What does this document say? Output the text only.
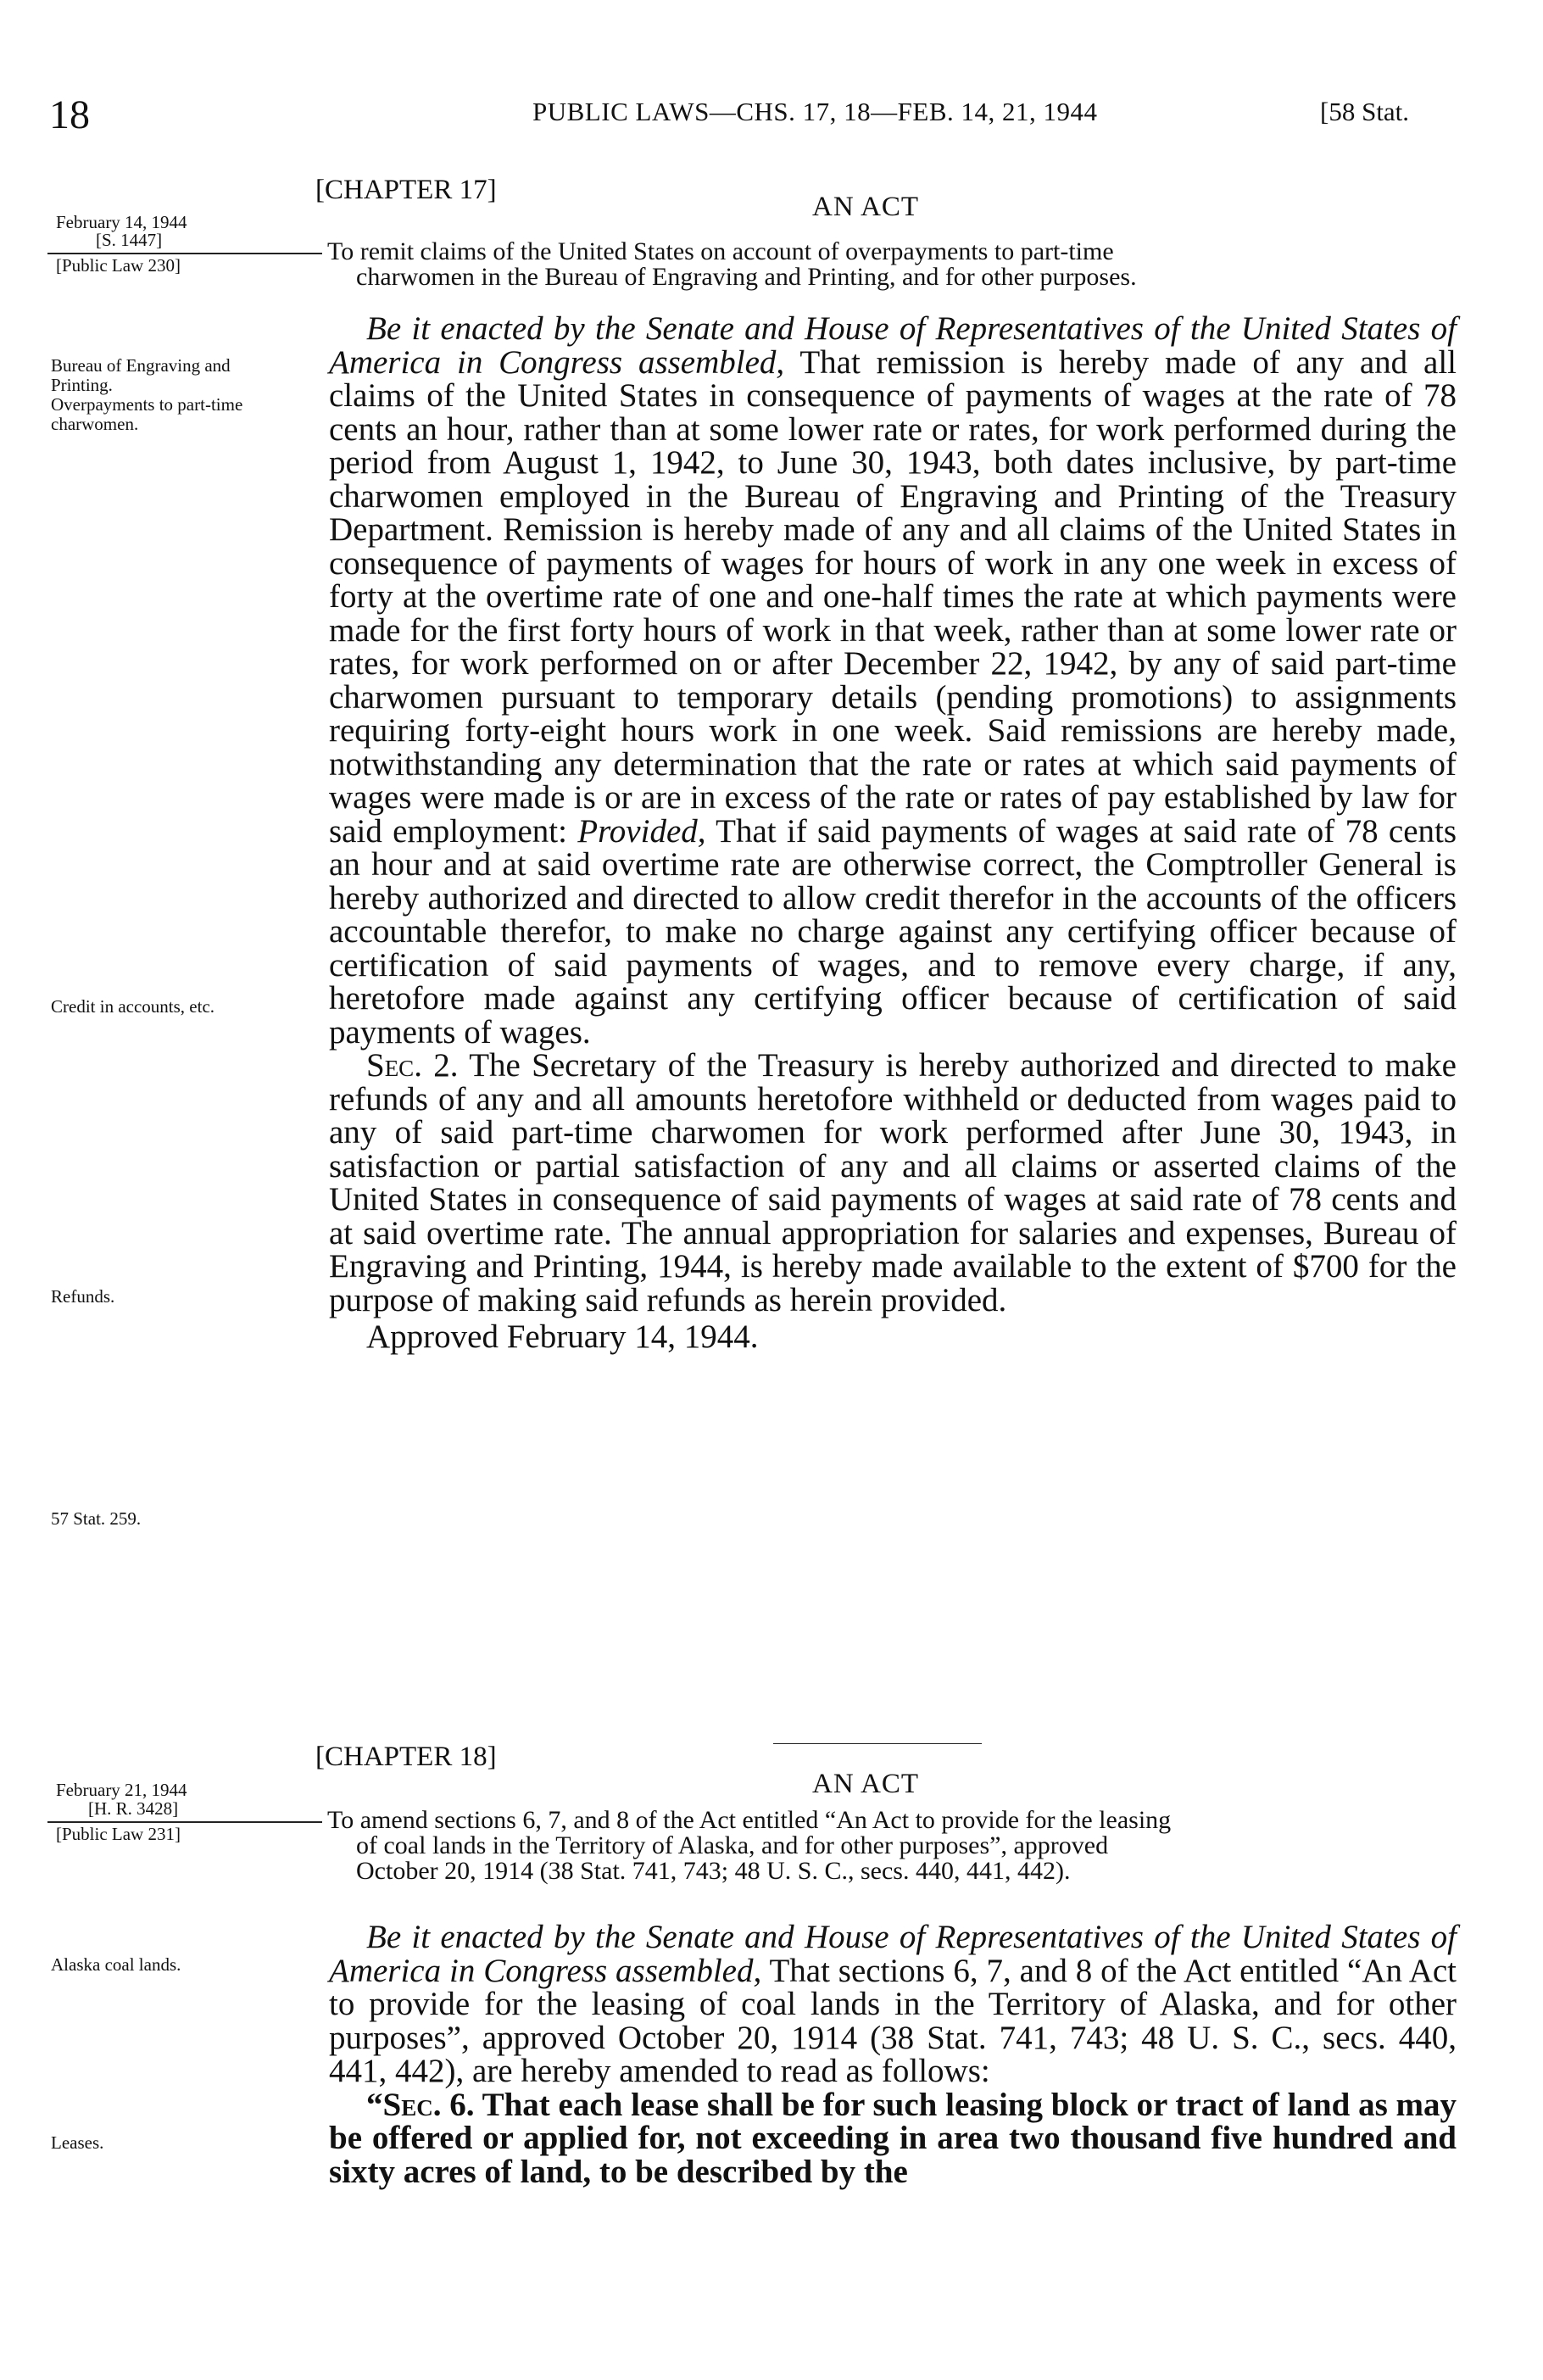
18	PUBLIC LAWS—CHS. 17, 18—FEB. 14, 21, 1944	[58 Stat.
[CHAPTER 17]
AN ACT
February 14, 1944
[S. 1447]
[Public Law 230]	To remit claims of the United States on account of overpayments to part-time
charwomen in the Bureau of Engraving and Printing, and for other purposes.
Bureau of Engraving and Printing.
Overpayments to part-time charwomen.
Credit in accounts, etc.
Refunds.
57 Stat. 259.

Be it enacted by the Senate and House of Representatives of the United States of America in Congress assembled, That remission is hereby made of any and all claims of the United States in consequence of payments of wages at the rate of 78 cents an hour, rather than at some lower rate or rates, for work performed during the period from August 1, 1942, to June 30, 1943, both dates inclusive, by part-time charwomen employed in the Bureau of Engraving and Printing of the Treasury Department. Remission is hereby made of any and all claims of the United States in consequence of payments of wages for hours of work in any one week in excess of forty at the overtime rate of one and one-half times the rate at which payments were made for the first forty hours of work in that week, rather than at some lower rate or rates, for work performed on or after December 22, 1942, by any of said part-time charwomen pursuant to temporary details (pending promotions) to assignments requiring forty-eight hours work in one week. Said remissions are hereby made, notwithstanding any determination that the rate or rates at which said payments of wages were made is or are in excess of the rate or rates of pay established by law for said employment: Provided, That if said payments of wages at said rate of 78 cents an hour and at said overtime rate are otherwise correct, the Comptroller General is hereby authorized and directed to allow credit therefor in the accounts of the officers accountable therefor, to make no charge against any certifying officer because of certification of said payments of wages, and to remove every charge, if any, heretofore made against any certifying officer because of certification of said payments of wages.

Sec. 2. The Secretary of the Treasury is hereby authorized and directed to make refunds of any and all amounts heretofore withheld or deducted from wages paid to any of said part-time charwomen for work performed after June 30, 1943, in satisfaction or partial satisfaction of any and all claims or asserted claims of the United States in consequence of said payments of wages at said rate of 78 cents and at said overtime rate. The annual appropriation for salaries and expenses, Bureau of Engraving and Printing, 1944, is hereby made available to the extent of $700 for the purpose of making said refunds as herein provided.

Approved February 14, 1944.

[CHAPTER 18]
AN ACT
February 21, 1944
[H. R. 3428]
[Public Law 231]	To amend sections 6, 7, and 8 of the Act entitled “An Act to provide for the leasing
of coal lands in the Territory of Alaska, and for other purposes”, approved
October 20, 1914 (38 Stat. 741, 743; 48 U. S. C., secs. 440, 441, 442).
Alaska coal lands.
Leases.

Be it enacted by the Senate and House of Representatives of the United States of America in Congress assembled, That sections 6, 7, and 8 of the Act entitled “An Act to provide for the leasing of coal lands in the Territory of Alaska, and for other purposes”, approved October 20, 1914 (38 Stat. 741, 743; 48 U. S. C., secs. 440, 441, 442), are hereby amended to read as follows:

“Sec. 6. That each lease shall be for such leasing block or tract of land as may be offered or applied for, not exceeding in area two thousand five hundred and sixty acres of land, to be described by the
